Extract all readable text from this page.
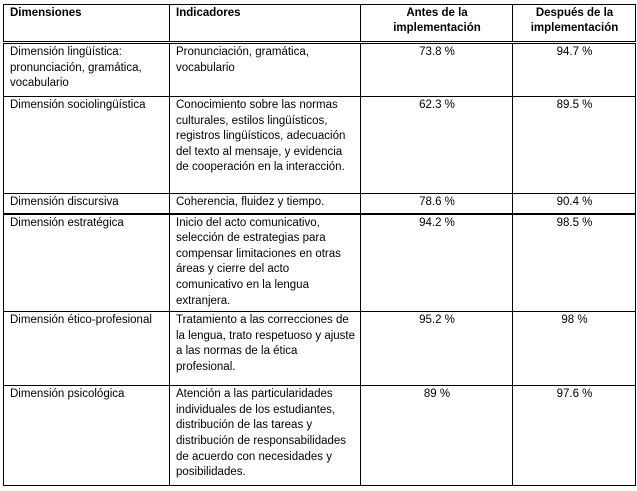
Dimensiones	Indicadores	Antes de la implementación	Después de la implementación
Dimensión lingüística: pronunciación, gramática, vocabulario	Pronunciación, gramática, vocabulario	73.8 %	94.7 %
Dimensión sociolingüística	Conocimiento sobre las normas culturales, estilos lingüísticos, registros lingüísticos, adecuación del texto al mensaje, y evidencia de cooperación en la interacción.	62.3 %	89.5 %
Dimensión discursiva	Coherencia, fluidez y tiempo.	78.6 %	90.4 %
Dimensión estratégica	Inicio del acto comunicativo, selección de estrategias para compensar limitaciones en otras áreas y cierre del acto comunicativo en la lengua extranjera.	94.2 %	98.5 %
Dimensión ético-profesional	Tratamiento a las correcciones de la lengua, trato respetuoso y ajuste a las normas de la ética profesional.	95.2 %	98 %
Dimensión psicológica	Atención a las particularidades individuales de los estudiantes, distribución de las tareas y distribución de responsabilidades de acuerdo con necesidades y posibilidades.	89 %	97.6 %
